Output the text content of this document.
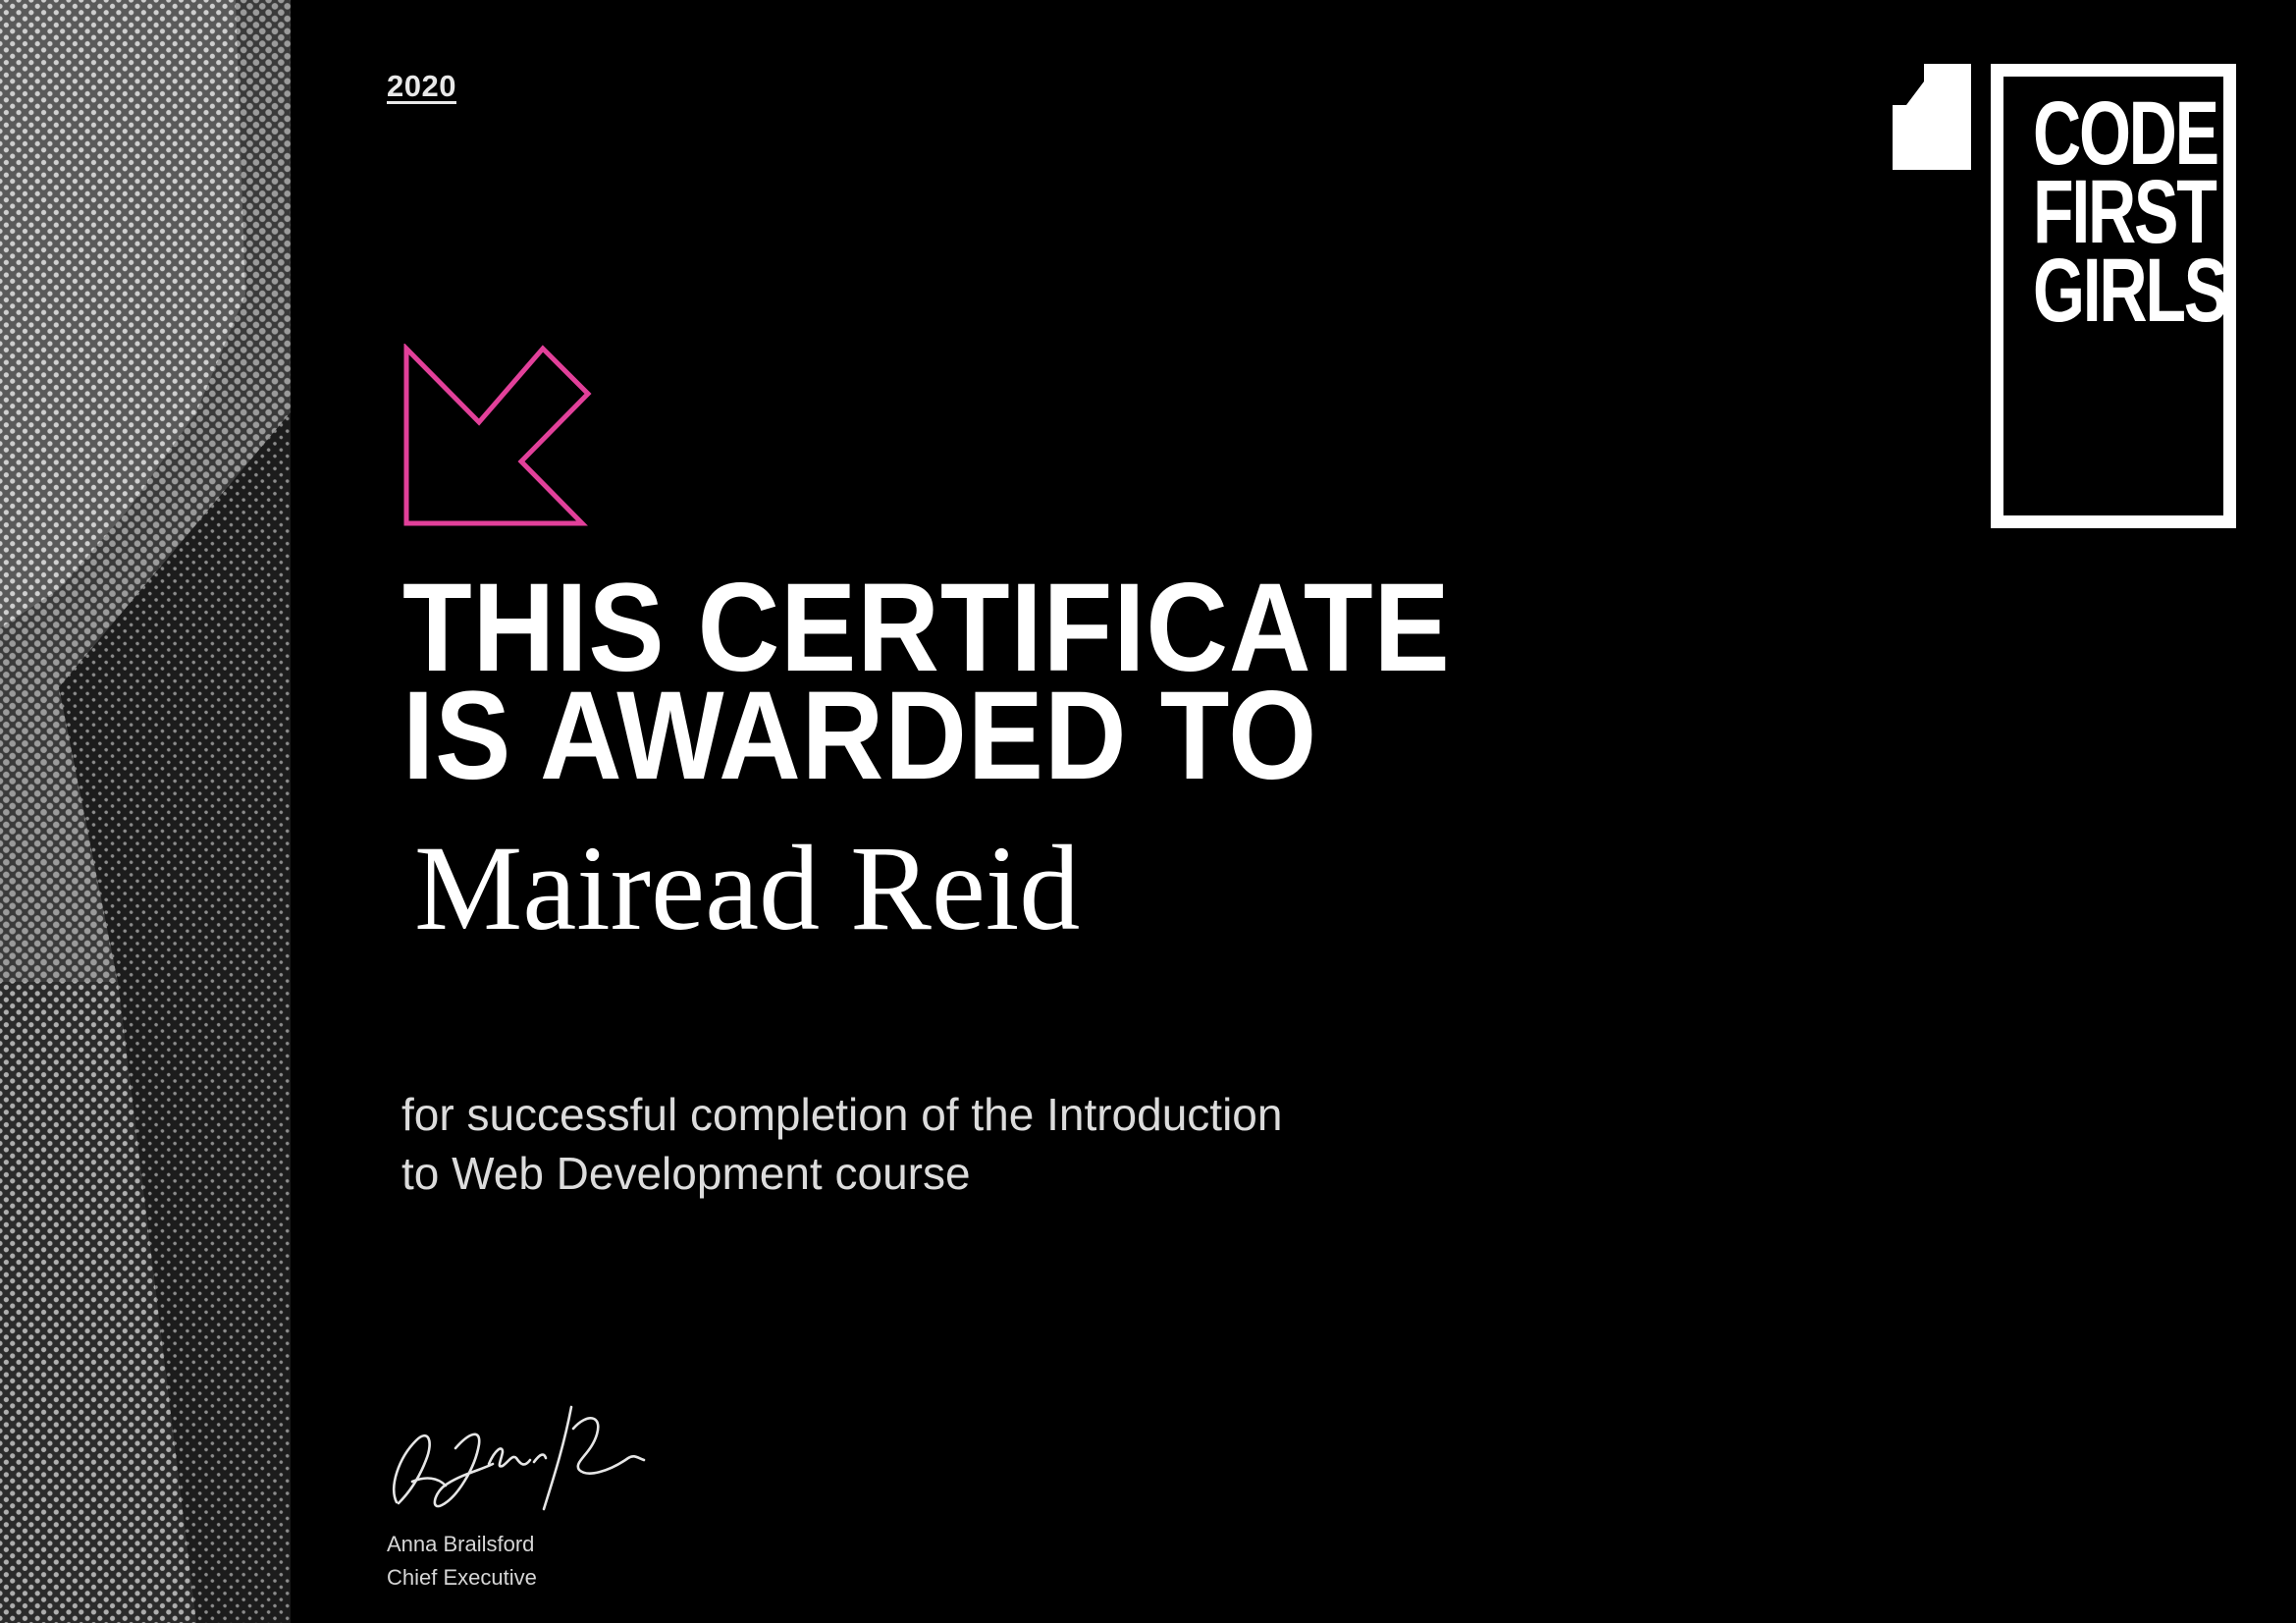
2020	CODE
FIRST
GIRLS
THIS CERTIFICATE
IS AWARDED TO
Mairead Reid
for successful completion of the Introduction
to Web Development course
Anna Brailsford
Chief Executive
